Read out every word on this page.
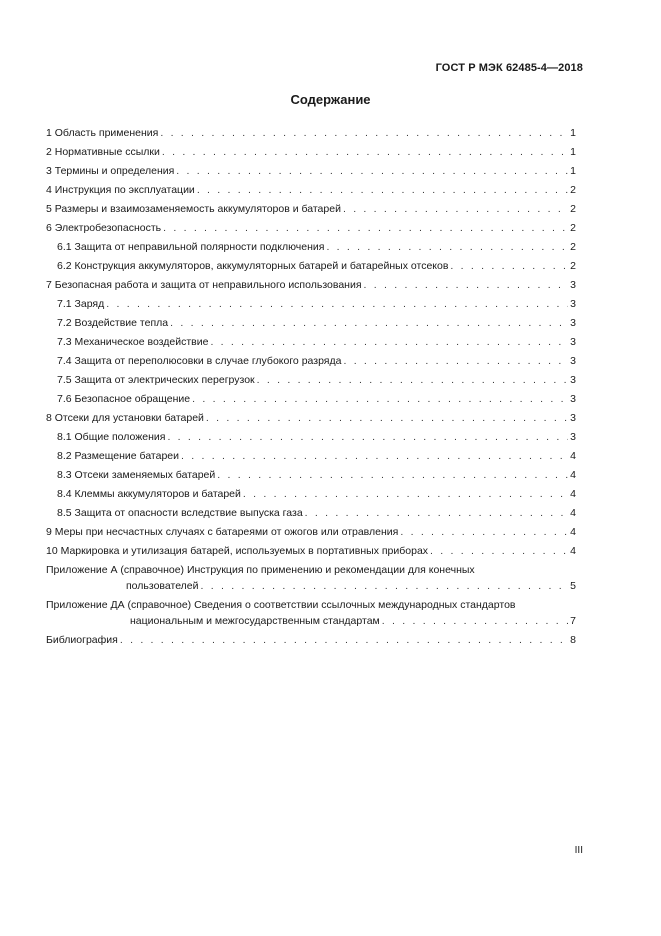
ГОСТ Р МЭК 62485-4—2018
Содержание
1 Область применения . . .	1
2 Нормативные ссылки . . .	1
3 Термины и определения . . .	1
4 Инструкция по эксплуатации . . .	2
5 Размеры и взаимозаменяемость аккумуляторов и батарей . . .	2
6 Электробезопасность . . .	2
6.1 Защита от неправильной полярности подключения . . .	2
6.2 Конструкция аккумуляторов, аккумуляторных батарей и батарейных отсеков . . .	2
7 Безопасная работа и защита от неправильного использования . . .	3
7.1 Заряд . . .	3
7.2 Воздействие тепла . . .	3
7.3 Механическое воздействие . . .	3
7.4 Защита от переполюсовки в случае глубокого разряда . . .	3
7.5 Защита от электрических перегрузок . . .	3
7.6 Безопасное обращение . . .	3
8 Отсеки для установки батарей . . .	3
8.1 Общие положения . . .	3
8.2 Размещение батареи . . .	4
8.3 Отсеки заменяемых батарей . . .	4
8.4 Клеммы аккумуляторов и батарей . . .	4
8.5 Защита от опасности вследствие выпуска газа . . .	4
9 Меры при несчастных случаях с батареями от ожогов или отравления . . .	4
10 Маркировка и утилизация батарей, используемых в портативных приборах . . .	4
Приложение А (справочное) Инструкция по применению и рекомендации для конечных
пользователей . . .	5
Приложение ДА (справочное) Сведения о соответствии ссылочных международных стандартов
национальным и межгосударственным стандартам . . .	7
Библиография . . .	8
III
